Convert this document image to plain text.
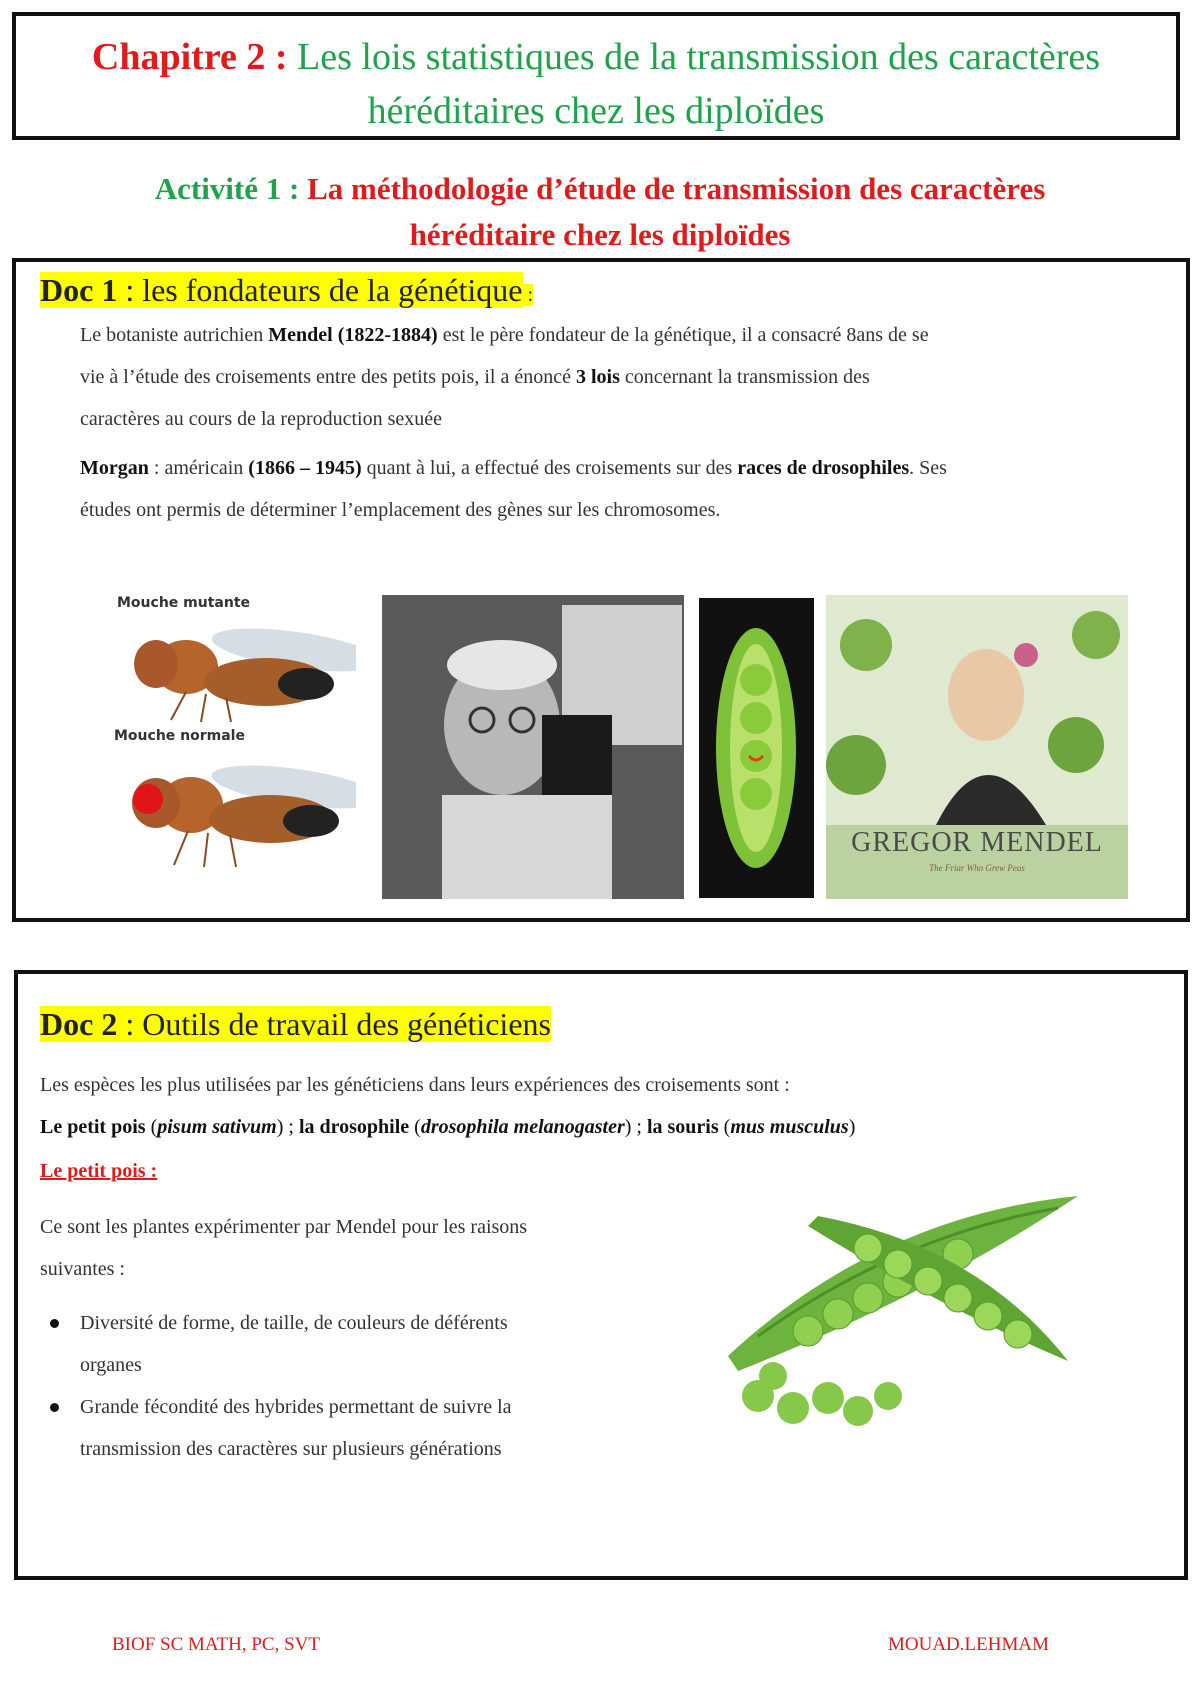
Chapitre 2 : Les lois statistiques de la transmission des caractères
héréditaires chez les diploïdes
Activité 1 : La méthodologie d’étude de transmission des caractères
héréditaire chez les diploïdes
Doc 1 : les fondateurs de la génétique :
Le botaniste autrichien Mendel (1822-1884) est le père fondateur de la génétique, il a consacré 8ans de se
vie à l’étude des croisements entre des petits pois, il a énoncé 3 lois concernant la transmission des
caractères au cours de la reproduction sexuée
Morgan : américain (1866 – 1945) quant à lui, a effectué des croisements sur des races de drosophiles. Ses
études ont permis de déterminer l’emplacement des gènes sur les chromosomes.
Mouche mutante
Mouche normale
GREGOR MENDEL
The Friar Who Grew Peas
Doc 2 : Outils de travail des généticiens
Les espèces les plus utilisées par les généticiens dans leurs expériences des croisements sont :
Le petit pois (pisum sativum) ; la drosophile (drosophila melanogaster) ; la souris (mus musculus)
Le petit pois :
Ce sont les plantes expérimenter par Mendel pour les raisons
suivantes :
Diversité de forme, de taille, de couleurs de déférents
organes
Grande fécondité des hybrides permettant de suivre la
transmission des caractères sur plusieurs générations
BIOF SC MATH, PC, SVT	MOUAD.LEHMAM
